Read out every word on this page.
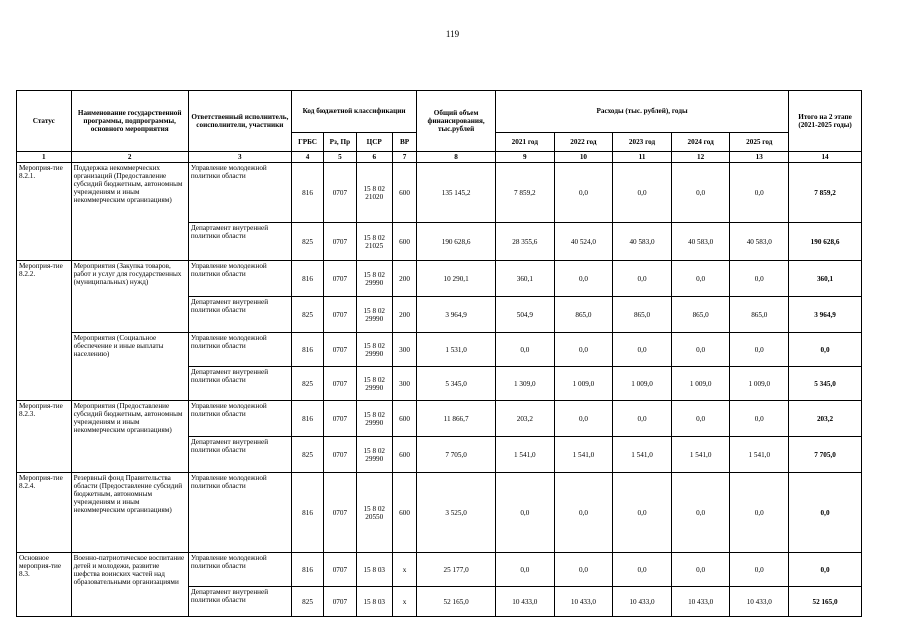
119
Статус	Наименование государственной программы, подпрограммы, основного мероприятия	Ответственный исполнитель, соисполнители, участники	Код бюджетной классификации				Общий объем финансирования, тыс.рублей	Расходы (тыс. рублей), годы					Итого на 2 этапе (2021-2025 годы)
			ГРБС	Рз, Пр	ЦСР	ВР		2021 год	2022 год	2023 год	2024 год	2025 год	
1	2	3	4	5	6	7	8	9	10	11	12	13	14
Мероприя-тие 8.2.1.	Поддержка некоммерческих организаций (Предоставление субсидий бюджетным, автономным учреждениям и иным некоммерческим организациям)	Управление молодежной политики области	816	0707	15 8 02 21020	600	135 145,2	7 859,2	0,0	0,0	0,0	0,0	7 859,2
		Департамент внутренней политики области	825	0707	15 8 02 21025	600	190 628,6	28 355,6	40 524,0	40 583,0	40 583,0	40 583,0	190 628,6
Мероприя-тие 8.2.2.	Мероприятия (Закупка товаров, работ и услуг для государственных (муниципальных) нужд)	Управление молодежной политики области	816	0707	15 8 02 29990	200	10 290,1	360,1	0,0	0,0	0,0	0,0	360,1
		Департамент внутренней политики области	825	0707	15 8 02 29990	200	3 964,9	504,9	865,0	865,0	865,0	865,0	3 964,9
	Мероприятия (Социальное обеспечение и иные выплаты населению)	Управление молодежной политики области	816	0707	15 8 02 29990	300	1 531,0	0,0	0,0	0,0	0,0	0,0	0,0
		Департамент внутренней политики области	825	0707	15 8 02 29990	300	5 345,0	1 309,0	1 009,0	1 009,0	1 009,0	1 009,0	5 345,0
Мероприя-тие 8.2.3.	Мероприятия (Предоставление субсидий бюджетным, автономным учреждениям и иным некоммерческим организациям)	Управление молодежной политики области	816	0707	15 8 02 29990	600	11 866,7	203,2	0,0	0,0	0,0	0,0	203,2
		Департамент внутренней политики области	825	0707	15 8 02 29990	600	7 705,0	1 541,0	1 541,0	1 541,0	1 541,0	1 541,0	7 705,0
Мероприя-тие 8.2.4.	Резервный фонд Правительства области (Предоставление субсидий бюджетным, автономным учреждениям и иным некоммерческим организациям)	Управление молодежной политики области	816	0707	15 8 02 20550	600	3 525,0	0,0	0,0	0,0	0,0	0,0	0,0
Основное мероприя-тие 8.3.	Военно-патриотическое воспитание детей и молодежи, развитие шефства воинских частей над образовательными организациями	Управление молодежной политики области	816	0707	15 8 03	х	25 177,0	0,0	0,0	0,0	0,0	0,0	0,0
		Департамент внутренней политики области	825	0707	15 8 03	х	52 165,0	10 433,0	10 433,0	10 433,0	10 433,0	10 433,0	52 165,0
